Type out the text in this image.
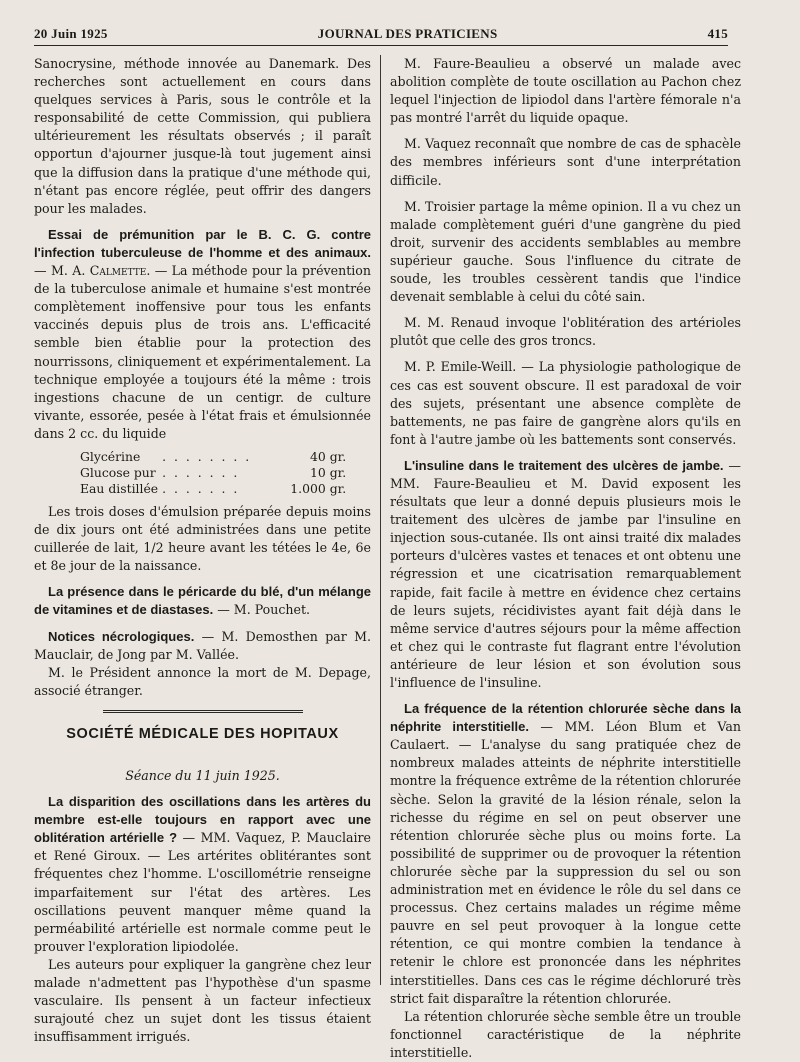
20 Juin 1925	JOURNAL DES PRATICIENS	415

Sanocrysine, méthode innovée au Danemark. Des recherches sont actuellement en cours dans quelques services à Paris, sous le contrôle et la responsabilité de cette Commission, qui publiera ultérieurement les résultats observés ; il paraît opportun d'ajourner jusque-là tout jugement ainsi que la diffusion dans la pratique d'une méthode qui, n'étant pas encore réglée, peut offrir des dangers pour les malades.

Essai de prémunition par le B. C. G. contre l'infection tuberculeuse de l'homme et des animaux. — M. A. Calmette. — La méthode pour la prévention de la tuberculose animale et humaine s'est montrée complètement inoffensive pour tous les enfants vaccinés depuis plus de trois ans. L'efficacité semble bien établie pour la protection des nourrissons, cliniquement et expérimentalement. La technique employée a toujours été la même : trois ingestions chacune de un centigr. de culture vivante, essorée, pesée à l'état frais et émulsionnée dans 2 cc. du liquide

Glycérine	. . . . . . . .	40 gr.
Glucose pur	. . . . . . .	10 gr.
Eau distillée	. . . . . . .	1.000 gr.

Les trois doses d'émulsion préparée depuis moins de dix jours ont été administrées dans une petite cuillerée de lait, 1/2 heure avant les tétées le 4e, 6e et 8e jour de la naissance.

La présence dans le péricarde du blé, d'un mélange de vitamines et de diastases. — M. Pouchet.

Notices nécrologiques. — M. Demosthen par M. Mauclair, de Jong par M. Vallée.

M. le Président annonce la mort de M. Depage, associé étranger.

SOCIÉTÉ MÉDICALE DES HOPITAUX
Séance du 11 juin 1925.

La disparition des oscillations dans les artères du membre est-elle toujours en rapport avec une oblitération artérielle ? — MM. Vaquez, P. Mauclaire et René Giroux. — Les artérites oblitérantes sont fréquentes chez l'homme. L'oscillométrie renseigne imparfaitement sur l'état des artères. Les oscillations peuvent manquer même quand la perméabilité artérielle est normale comme peut le prouver l'exploration lipiodolée.

Les auteurs pour expliquer la gangrène chez leur malade n'admettent pas l'hypothèse d'un spasme vasculaire. Ils pensent à un facteur infectieux surajouté chez un sujet dont les tissus étaient insuffisamment irrigués.

M. Faure-Beaulieu a observé un malade avec abolition complète de toute oscillation au Pachon chez lequel l'injection de lipiodol dans l'artère fémorale n'a pas montré l'arrêt du liquide opaque.

M. Vaquez reconnaît que nombre de cas de sphacèle des membres inférieurs sont d'une interprétation difficile.

M. Troisier partage la même opinion. Il a vu chez un malade complètement guéri d'une gangrène du pied droit, survenir des accidents semblables au membre supérieur gauche. Sous l'influence du citrate de soude, les troubles cessèrent tandis que l'indice devenait semblable à celui du côté sain.

M. M. Renaud invoque l'oblitération des artérioles plutôt que celle des gros troncs.

M. P. Emile-Weill. — La physiologie pathologique de ces cas est souvent obscure. Il est paradoxal de voir des sujets, présentant une absence complète de battements, ne pas faire de gangrène alors qu'ils en font à l'autre jambe où les battements sont conservés.

L'insuline dans le traitement des ulcères de jambe. — MM. Faure-Beaulieu et M. David exposent les résultats que leur a donné depuis plusieurs mois le traitement des ulcères de jambe par l'insuline en injection sous-cutanée. Ils ont ainsi traité dix malades porteurs d'ulcères vastes et tenaces et ont obtenu une régression et une cicatrisation remarquablement rapide, fait facile à mettre en évidence chez certains de leurs sujets, récidivistes ayant fait déjà dans le même service d'autres séjours pour la même affection et chez qui le contraste fut flagrant entre l'évolution antérieure de leur lésion et son évolution sous l'influence de l'insuline.

La fréquence de la rétention chlorurée sèche dans la néphrite interstitielle. — MM. Léon Blum et Van Caulaert. — L'analyse du sang pratiquée chez de nombreux malades atteints de néphrite interstitielle montre la fréquence extrême de la rétention chlorurée sèche. Selon la gravité de la lésion rénale, selon la richesse du régime en sel on peut observer une rétention chlorurée sèche plus ou moins forte. La possibilité de supprimer ou de provoquer la rétention chlorurée sèche par la suppression du sel ou son administration met en évidence le rôle du sel dans ce processus. Chez certains malades un régime même pauvre en sel peut provoquer à la longue cette rétention, ce qui montre combien la tendance à retenir le chlore est prononcée dans les néphrites interstitielles. Dans ces cas le régime déchloruré très strict fait disparaître la rétention chlorurée.

La rétention chlorurée sèche semble être un trouble fonctionnel caractéristique de la néphrite interstitielle.
